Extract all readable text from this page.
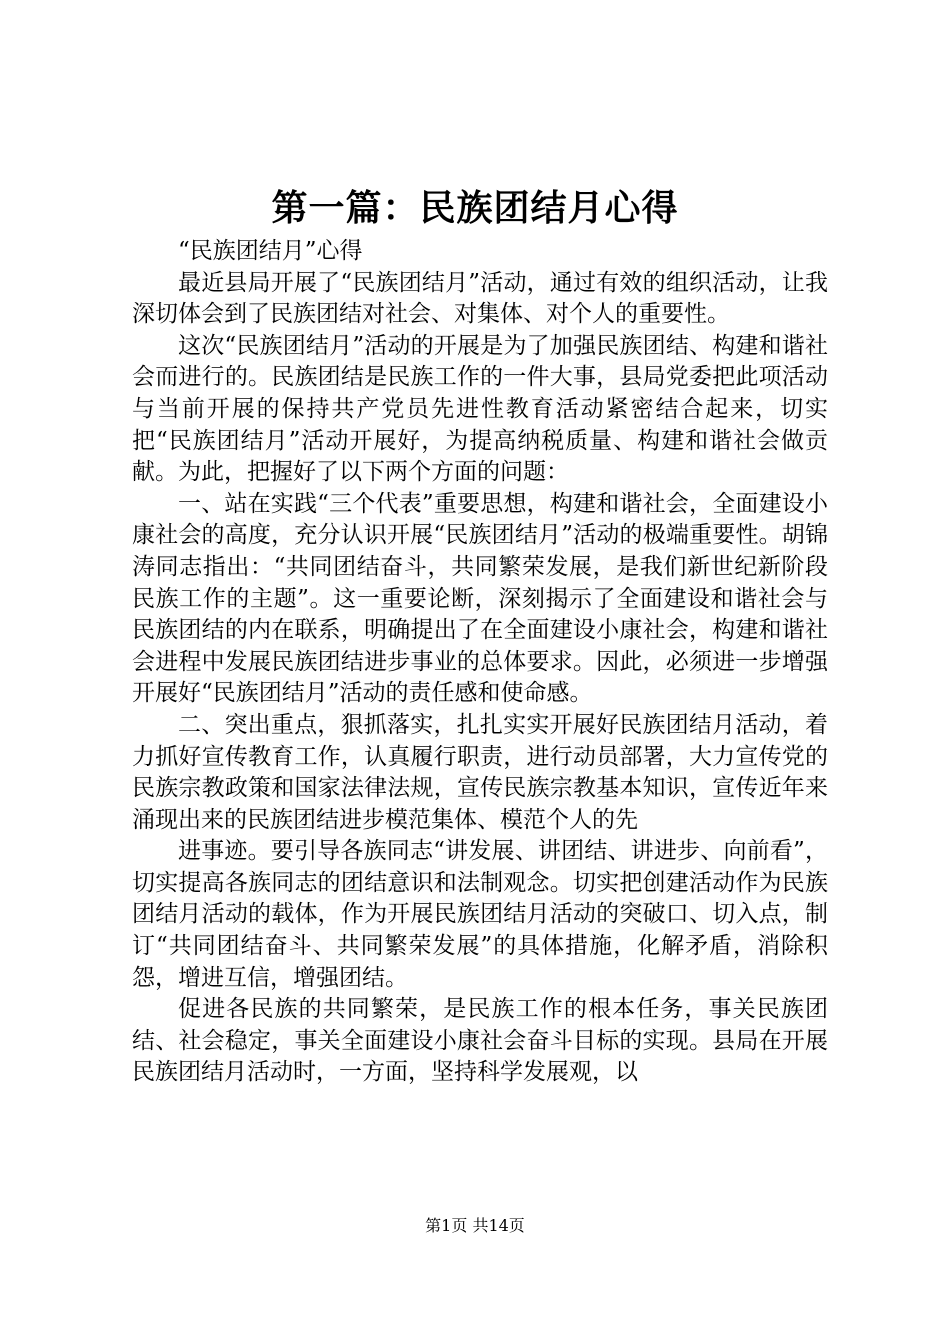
第一篇：民族团结月心得

“民族团结月”心得

最近县局开展了“民族团结月”活动，通过有效的组织活动，让我深切体会到了民族团结对社会、对集体、对个人的重要性。

这次“民族团结月”活动的开展是为了加强民族团结、构建和谐社会而进行的。民族团结是民族工作的一件大事，县局党委把此项活动与当前开展的保持共产党员先进性教育活动紧密结合起来，切实把“民族团结月”活动开展好，为提高纳税质量、构建和谐社会做贡献。为此，把握好了以下两个方面的问题：

一、站在实践“三个代表”重要思想，构建和谐社会，全面建设小康社会的高度，充分认识开展“民族团结月”活动的极端重要性。胡锦涛同志指出：“共同团结奋斗，共同繁荣发展，是我们新世纪新阶段民族工作的主题”。这一重要论断，深刻揭示了全面建设和谐社会与民族团结的内在联系，明确提出了在全面建设小康社会，构建和谐社会进程中发展民族团结进步事业的总体要求。因此，必须进一步增强开展好“民族团结月”活动的责任感和使命感。

二、突出重点，狠抓落实，扎扎实实开展好民族团结月活动，着力抓好宣传教育工作，认真履行职责，进行动员部署，大力宣传党的民族宗教政策和国家法律法规，宣传民族宗教基本知识，宣传近年来涌现出来的民族团结进步模范集体、模范个人的先

进事迹。要引导各族同志“讲发展、讲团结、讲进步、向前看”，切实提高各族同志的团结意识和法制观念。切实把创建活动作为民族团结月活动的载体，作为开展民族团结月活动的突破口、切入点，制订“共同团结奋斗、共同繁荣发展”的具体措施，化解矛盾，消除积怨，增进互信，增强团结。

促进各民族的共同繁荣，是民族工作的根本任务，事关民族团结、社会稳定，事关全面建设小康社会奋斗目标的实现。县局在开展民族团结月活动时，一方面，坚持科学发展观，以

第1页 共14页
